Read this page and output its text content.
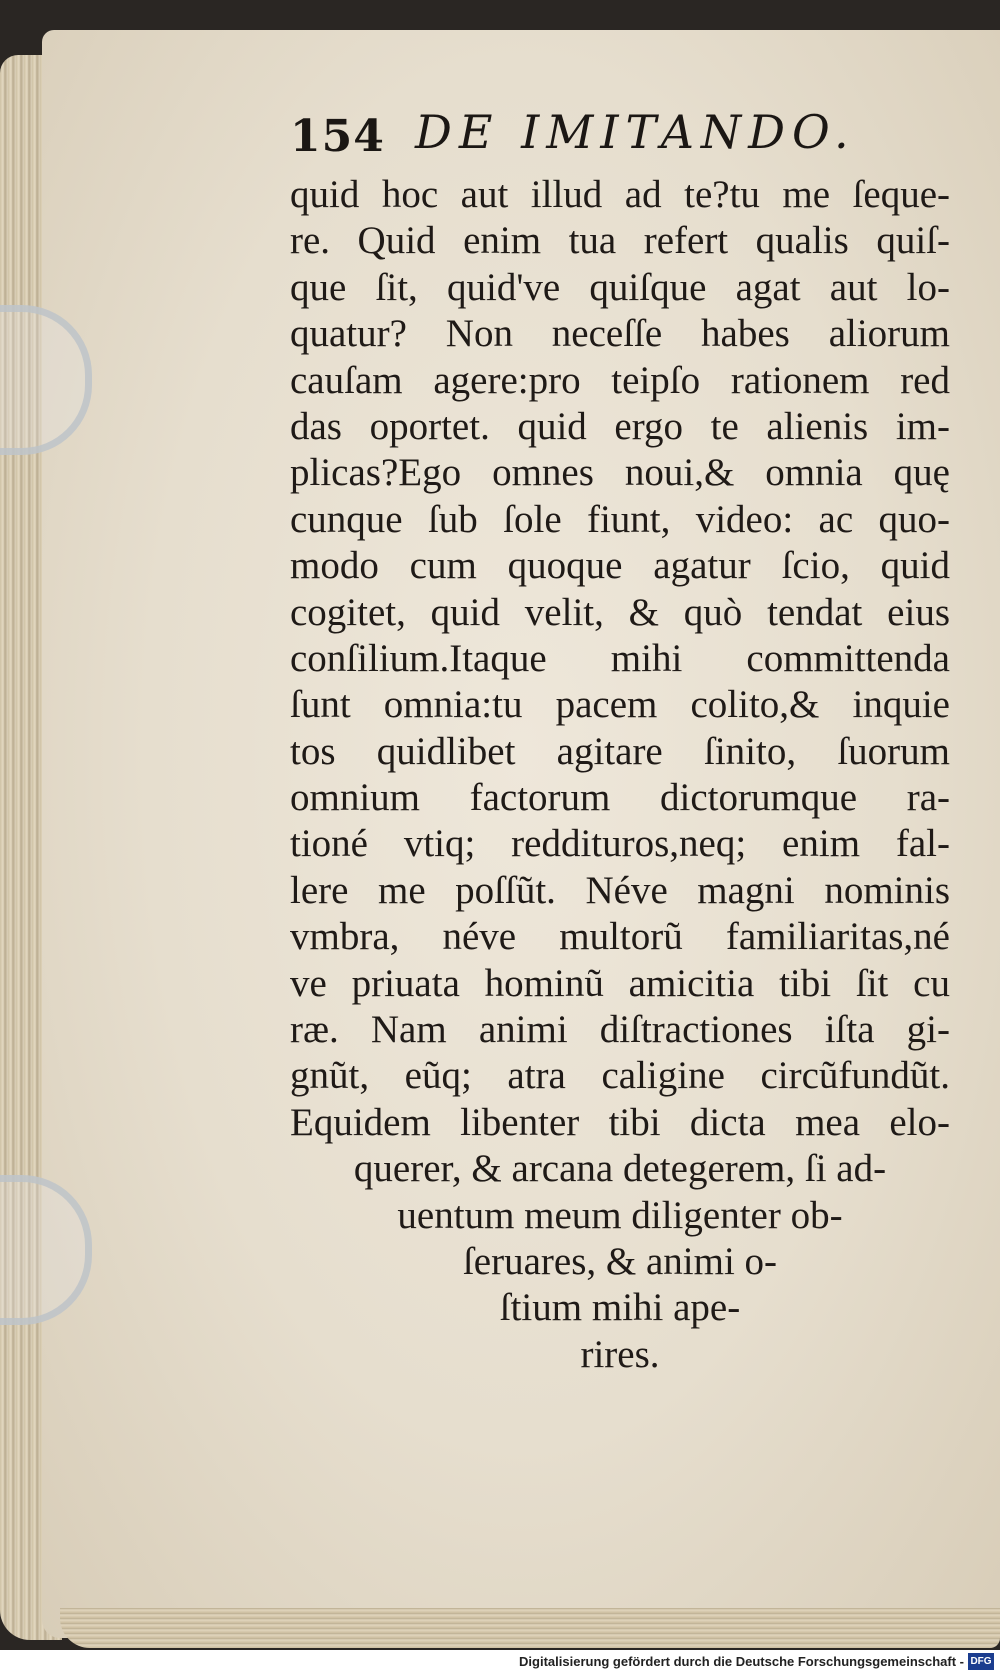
154 DE IMITANDO.
quid hoc aut illud ad te?tu me ſeque-
re. Quid enim tua refert qualis quiſ-
que ſit, quid've quiſque agat aut lo-
quatur? Non neceſſe habes aliorum
cauſam agere:pro teipſo rationem red
das oportet. quid ergo te alienis im-
plicas?Ego omnes noui,& omnia quę
cunque ſub ſole fiunt, video: ac quo-
modo cum quoque agatur ſcio, quid
cogitet, quid velit, & quò tendat eius
conſilium.Itaque mihi committenda
ſunt omnia:tu pacem colito,& inquie
tos quidlibet agitare ſinito, ſuorum
omnium factorum dictorumque ra-
tioné vtiq; reddituros,neq; enim fal-
lere me poſſũt. Néve magni nominis
vmbra, néve multorũ familiaritas,né
ve priuata hominũ amicitia tibi ſit cu
ræ. Nam animi diſtractiones iſta gi-
gnũt, eũq; atra caligine circũfundũt.
Equidem libenter tibi dicta mea elo-
querer, & arcana detegerem, ſi ad-
uentum meum diligenter ob-
ſeruares, & animi o-
ſtium mihi ape-
rires.
Digitalisierung gefördert durch die Deutsche Forschungsgemeinschaft - DFG
